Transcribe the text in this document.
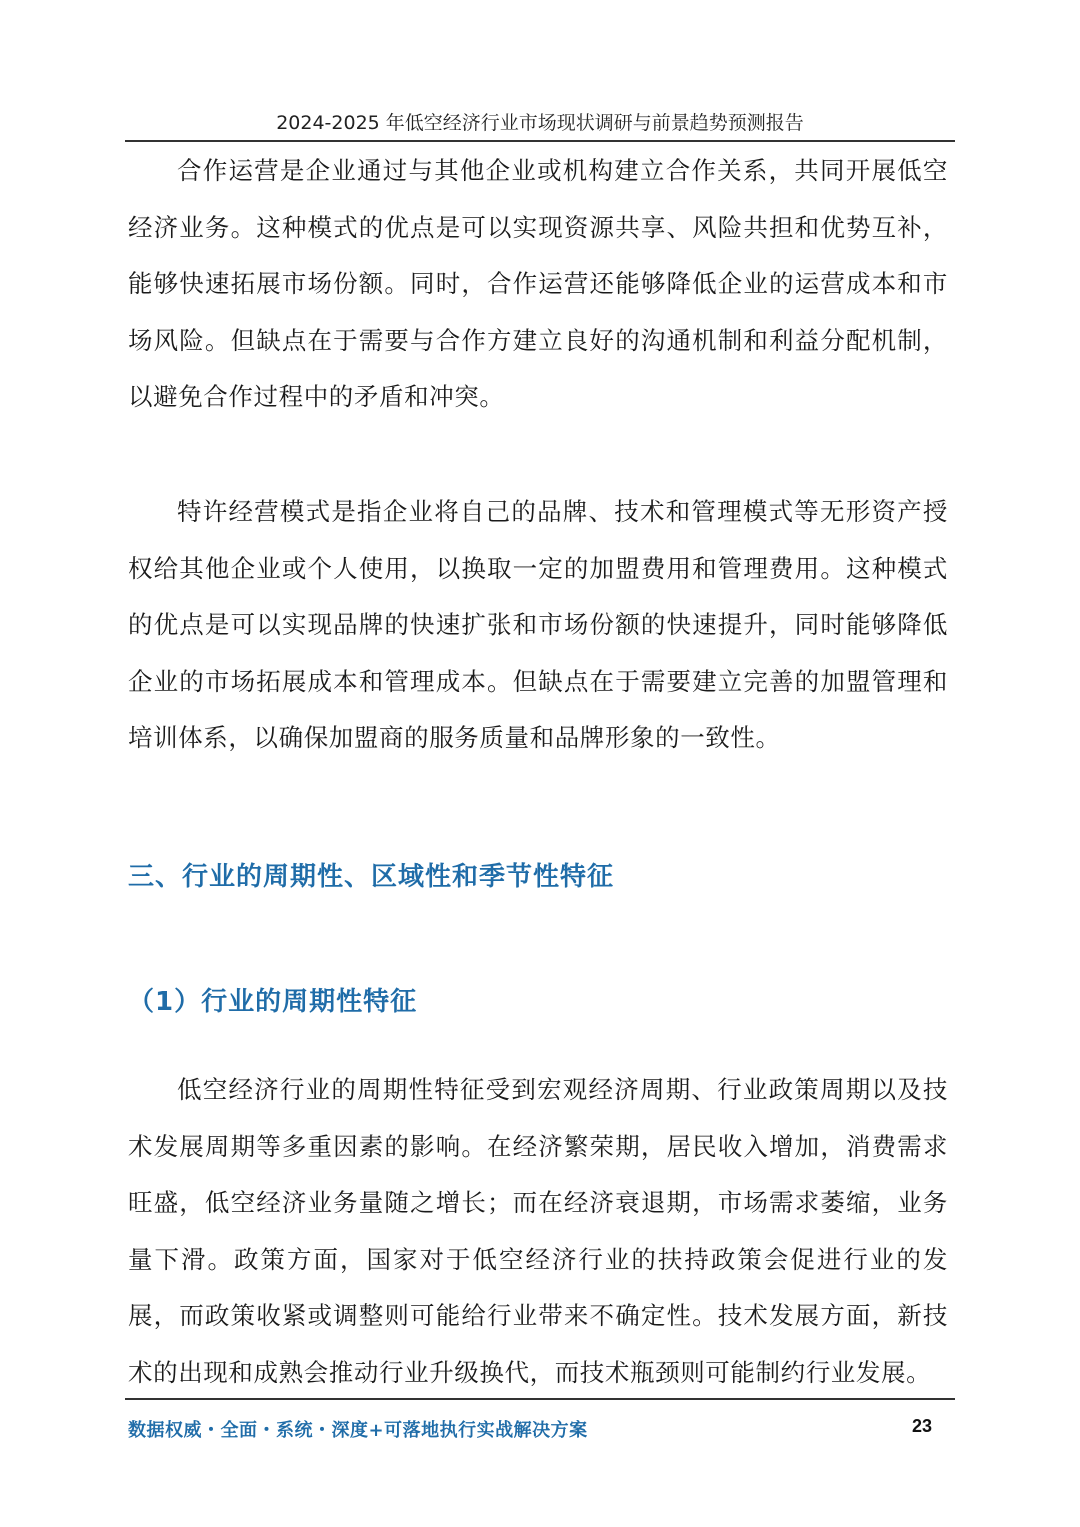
2024-2025 年低空经济行业市场现状调研与前景趋势预测报告

合作运营是企业通过与其他企业或机构建立合作关系，共同开展低空经济业务。这种模式的优点是可以实现资源共享、风险共担和优势互补，能够快速拓展市场份额。同时，合作运营还能够降低企业的运营成本和市场风险。但缺点在于需要与合作方建立良好的沟通机制和利益分配机制，以避免合作过程中的矛盾和冲突。

特许经营模式是指企业将自己的品牌、技术和管理模式等无形资产授权给其他企业或个人使用，以换取一定的加盟费用和管理费用。这种模式的优点是可以实现品牌的快速扩张和市场份额的快速提升，同时能够降低企业的市场拓展成本和管理成本。但缺点在于需要建立完善的加盟管理和培训体系，以确保加盟商的服务质量和品牌形象的一致性。

三、行业的周期性、区域性和季节性特征
（1）行业的周期性特征

低空经济行业的周期性特征受到宏观经济周期、行业政策周期以及技术发展周期等多重因素的影响。在经济繁荣期，居民收入增加，消费需求旺盛，低空经济业务量随之增长；而在经济衰退期，市场需求萎缩，业务量下滑。政策方面，国家对于低空经济行业的扶持政策会促进行业的发展，而政策收紧或调整则可能给行业带来不确定性。技术发展方面，新技术的出现和成熟会推动行业升级换代，而技术瓶颈则可能制约行业发展。

数据权威・全面・系统・深度+可落地执行实战解决方案	23
